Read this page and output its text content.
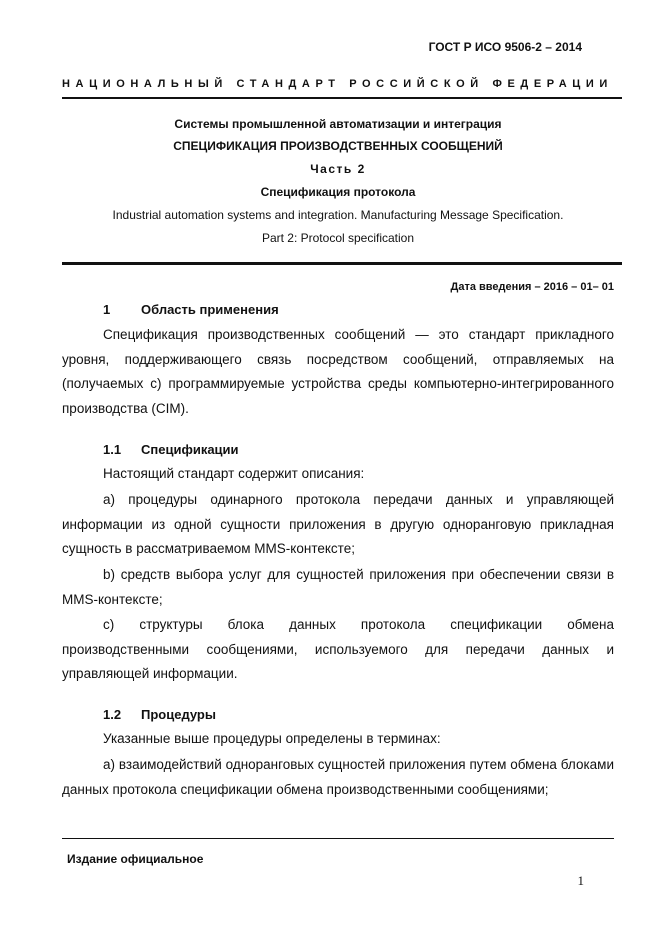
ГОСТ Р ИСО 9506-2 – 2014
НАЦИОНАЛЬНЫЙ СТАНДАРТ РОССИЙСКОЙ ФЕДЕРАЦИИ
Системы промышленной автоматизации и интеграция
СПЕЦИФИКАЦИЯ ПРОИЗВОДСТВЕННЫХ СООБЩЕНИЙ
Часть 2
Спецификация протокола
Industrial automation systems and integration. Manufacturing Message Specification.
Part 2: Protocol specification
Дата введения – 2016 – 01– 01
1 Область применения
Спецификация производственных сообщений — это стандарт прикладного уровня, поддерживающего связь посредством сообщений, отправляемых на (получаемых с) программируемые устройства среды компьютерно-интегрированного производства (CIM).
1.1 Спецификации
Настоящий стандарт содержит описания:
а) процедуры одинарного протокола передачи данных и управляющей информации из одной сущности приложения в другую одноранговую прикладная сущность в рассматриваемом MMS-контексте;
b) средств выбора услуг для сущностей приложения при обеспечении связи в MMS-контексте;
c) структуры блока данных протокола спецификации обмена производственными сообщениями, используемого для передачи данных и управляющей информации.
1.2 Процедуры
Указанные выше процедуры определены в терминах:
а) взаимодействий одноранговых сущностей приложения путем обмена блоками данных протокола спецификации обмена производственными сообщениями;
Издание официальное
1
